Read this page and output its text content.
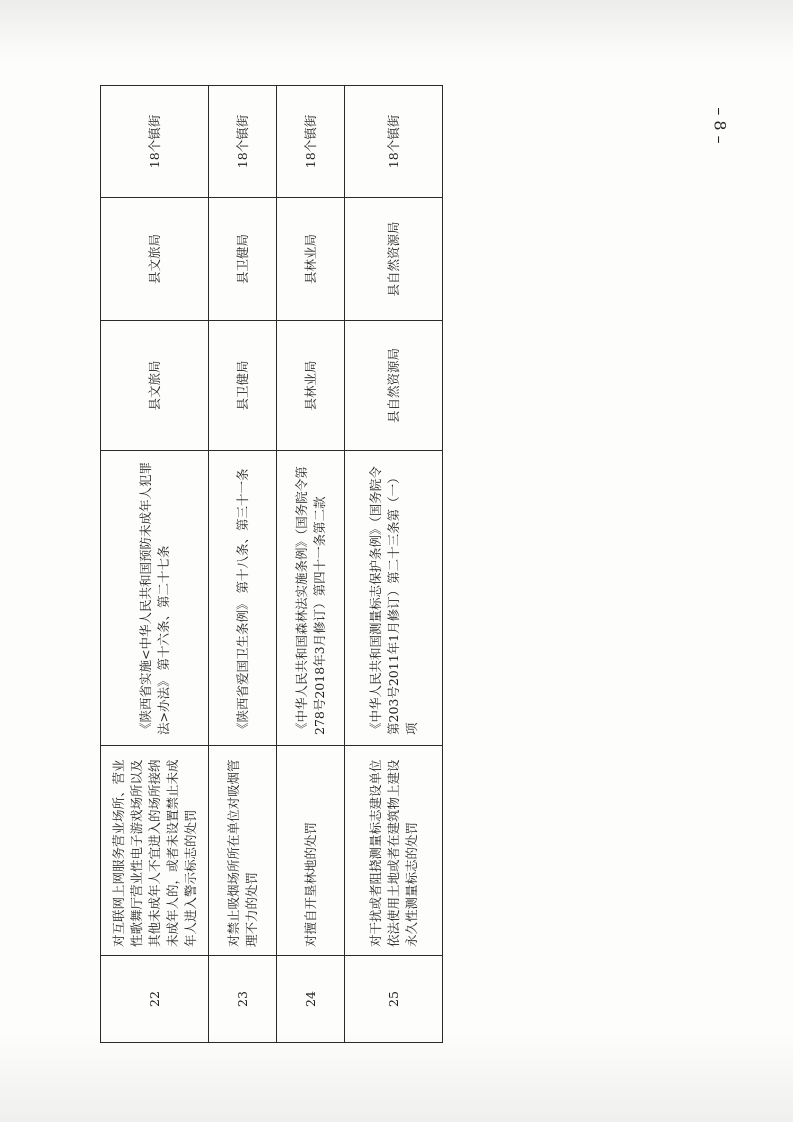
– 8 –
22	对互联网上网服务营业场所、营业性歌舞厅营业性电子游戏场所以及其他未成年人不宜进入的场所接纳未成年人的，或者未设置禁止未成年人进入警示标志的处罚	《陕西省实施<中华人民共和国预防未成年人犯罪法>办法》 第十六条、第二十七条	县文旅局	县文旅局	18个镇街
23	对禁止吸烟场所所在单位对吸烟管理不力的处罚	《陕西省爱国卫生条例》 第十八条、第三十一条	县卫健局	县卫健局	18个镇街
24	对擅自开垦林地的处罚	《中华人民共和国森林法实施条例》（国务院令第278号2018年3月修订）第四十一条第二款	县林业局	县林业局	18个镇街
25	对干扰或者阻挠测量标志建设单位依法使用土地或者在建筑物上建设永久性测量标志的处罚	《中华人民共和国测量标志保护条例》（国务院令第203号2011年1月修订）第二十三条第（一）项	县自然资源局	县自然资源局	18个镇街
